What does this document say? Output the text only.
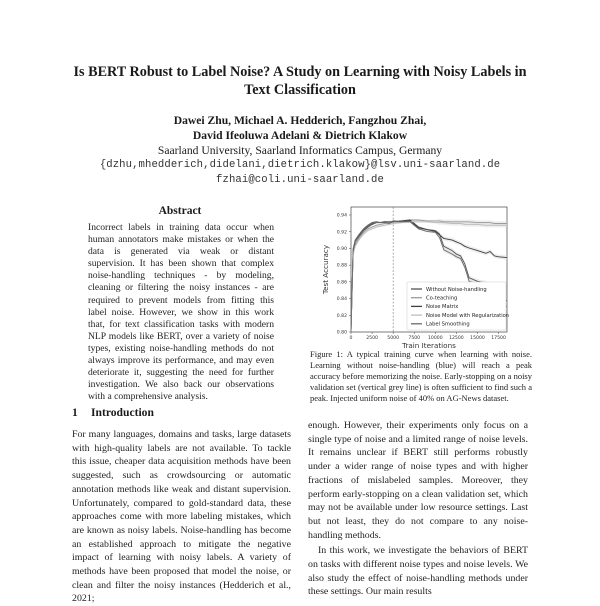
Is BERT Robust to Label Noise? A Study on Learning with Noisy Labels in Text Classification
Dawei Zhu, Michael A. Hedderich, Fangzhou Zhai,
David Ifeoluwa Adelani & Dietrich Klakow
Saarland University, Saarland Informatics Campus, Germany
{dzhu,mhedderich,didelani,dietrich.klakow}@lsv.uni-saarland.de
fzhai@coli.uni-saarland.de
Abstract
Incorrect labels in training data occur when human annotators make mistakes or when the data is generated via weak or distant supervision. It has been shown that complex noise-handling techniques - by modeling, cleaning or filtering the noisy instances - are required to prevent models from fitting this label noise. However, we show in this work that, for text classification tasks with modern NLP models like BERT, over a variety of noise types, existing noise-handling methods do not always improve its performance, and may even deteriorate it, suggesting the need for further investigation. We also back our observations with a comprehensive analysis.
1 Introduction
For many languages, domains and tasks, large datasets with high-quality labels are not available. To tackle this issue, cheaper data acquisition methods have been suggested, such as crowdsourcing or automatic annotation methods like weak and distant supervision. Unfortunately, compared to gold-standard data, these approaches come with more labeling mistakes, which are known as noisy labels. Noise-handling has become an established approach to mitigate the negative impact of learning with noisy labels. A variety of methods have been proposed that model the noise, or clean and filter the noisy instances (Hedderich et al., 2021;
0.80
0.82
0.84
0.86
0.88
0.90
0.92
0.94
0	2500 5000 7500 10000 12500 15000 17500
Train Iterations
Test Accuracy	Without Noise-handling
Co-teaching
Noise Matrix
Noise Model with Regularization
Label Smoothing
Figure 1: A typical training curve when learning with noise. Learning without noise-handling (blue) will reach a peak accuracy before memorizing the noise. Early-stopping on a noisy validation set (vertical grey line) is often sufficient to find such a peak. Injected uniform noise of 40% on AG-News dataset.

enough. However, their experiments only focus on a single type of noise and a limited range of noise levels. It remains unclear if BERT still performs robustly under a wider range of noise types and with higher fractions of mislabeled samples. Moreover, they perform early-stopping on a clean validation set, which may not be available under low resource settings. Last but not least, they do not compare to any noise-handling methods.

In this work, we investigate the behaviors of BERT on tasks with different noise types and noise levels. We also study the effect of noise-handling methods under these settings. Our main results
